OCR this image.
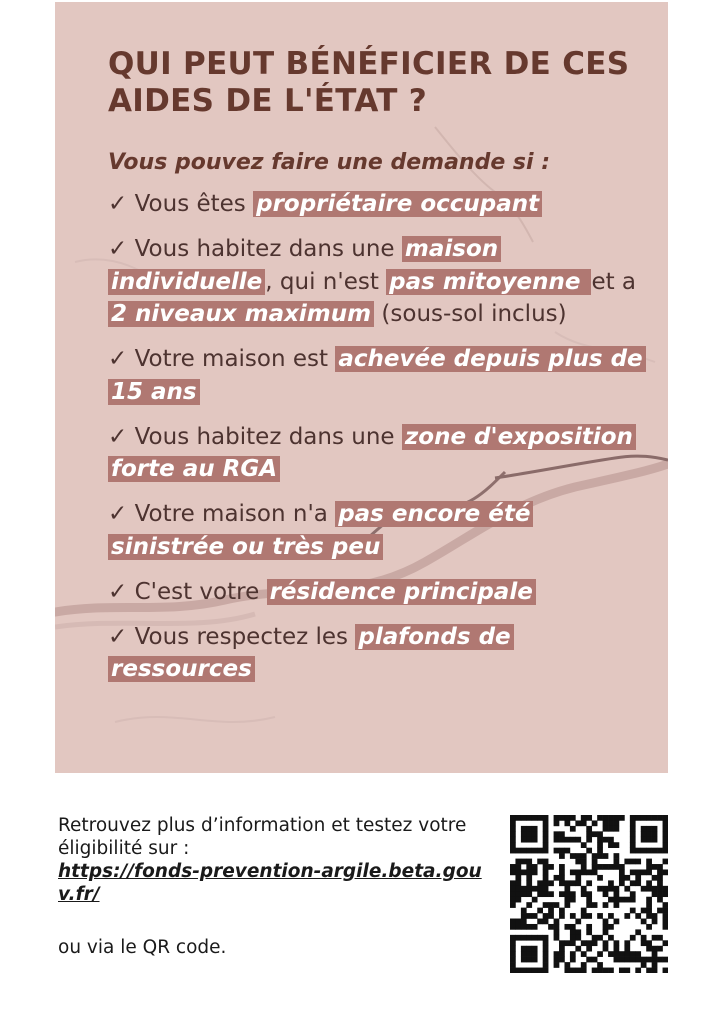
QUI PEUT BÉNÉFICIER DE CES AIDES DE L'ÉTAT ?
Vous pouvez faire une demande si :
✓ Vous êtes propriétaire occupant
✓ Vous habitez dans une maison individuelle , qui n'est pas mitoyenne et a 2 niveaux maximum (sous-sol inclus)
✓ Votre maison est achevée depuis plus de 15 ans
✓ Vous habitez dans une zone d'exposition forte au RGA
✓ Votre maison n'a pas encore été sinistrée ou très peu
✓ C'est votre résidence principale
✓ Vous respectez les plafonds de ressources

Retrouvez plus d’information et testez votre éligibilité sur :

https://fonds-prevention-argile.beta.gouv.fr/

ou via le QR code.
